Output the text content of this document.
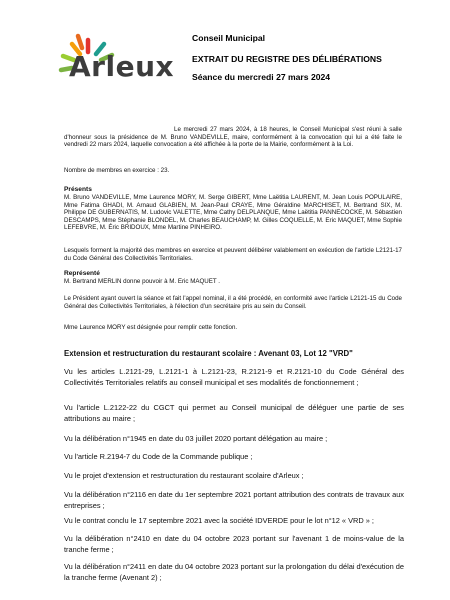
Arleux
Conseil Municipal
EXTRAIT DU REGISTRE DES DÉLIBÉRATIONS
Séance du mercredi 27 mars 2024

Le mercredi 27 mars 2024, à 18 heures, le Conseil Municipal s'est réuni à salle d'honneur sous la présidence de M. Bruno VANDEVILLE, maire, conformément à la convocation qui lui a été faite le vendredi 22 mars 2024, laquelle convocation a été affichée à la porte de la Mairie, conformément à la Loi.

Nombre de membres en exercice : 23.

Présents

M. Bruno VANDEVILLE, Mme Laurence MORY, M. Serge GIBERT, Mme Laëtitia LAURENT, M. Jean Louis POPULAIRE, Mme Fatima GHADI, M. Arnaud GLABIEN, M. Jean-Paul CRAYE, Mme Géraldine MARCHISET, M. Bertrand SIX, M. Philippe DE GUBERNATIS, M. Ludovic VALETTE, Mme Cathy DELPLANQUE, Mme Laëtitia PANNECOCKE, M. Sébastien DESCAMPS, Mme Stéphanie BLONDEL, M. Charles BEAUCHAMP, M. Gilles COQUELLE, M. Eric MAQUET, Mme Sophie LEFEBVRE, M. Éric BRIDOUX, Mme Martine PINHEIRO.

Lesquels forment la majorité des membres en exercice et peuvent délibérer valablement en exécution de l'article L2121-17 du Code Général des Collectivités Territoriales.

Représenté

M. Bertrand MERLIN donne pouvoir à M. Eric MAQUET .

Le Président ayant ouvert la séance et fait l'appel nominal, il a été procédé, en conformité avec l'article L2121-15 du Code Général des Collectivités Territoriales, à l'élection d'un secrétaire pris au sein du Conseil.

Mme Laurence MORY est désignée pour remplir cette fonction.

Extension et restructuration du restaurant scolaire : Avenant 03, Lot 12 "VRD"

Vu les articles L.2121-29, L.2121-1 à L.2121-23, R.2121-9 et R.2121-10 du Code Général des Collectivités Territoriales relatifs au conseil municipal et ses modalités de fonctionnement ;

Vu l'article L.2122-22 du CGCT qui permet au Conseil municipal de déléguer une partie de ses attributions au maire ;

Vu la délibération n°1945 en date du 03 juillet 2020 portant délégation au maire ;

Vu l'article R.2194-7 du Code de la Commande publique ;

Vu le projet d'extension et restructuration du restaurant scolaire d'Arleux ;

Vu la délibération n°2116 en date du 1er septembre 2021 portant attribution des contrats de travaux aux entreprises ;

Vu le contrat conclu le 17 septembre 2021 avec la société IDVERDE pour le lot n°12 « VRD » ;

Vu la délibération n°2410 en date du 04 octobre 2023 portant sur l'avenant 1 de moins-value de la tranche ferme ;

Vu la délibération n°2411 en date du 04 octobre 2023 portant sur la prolongation du délai d'exécution de la tranche ferme (Avenant 2) ;
